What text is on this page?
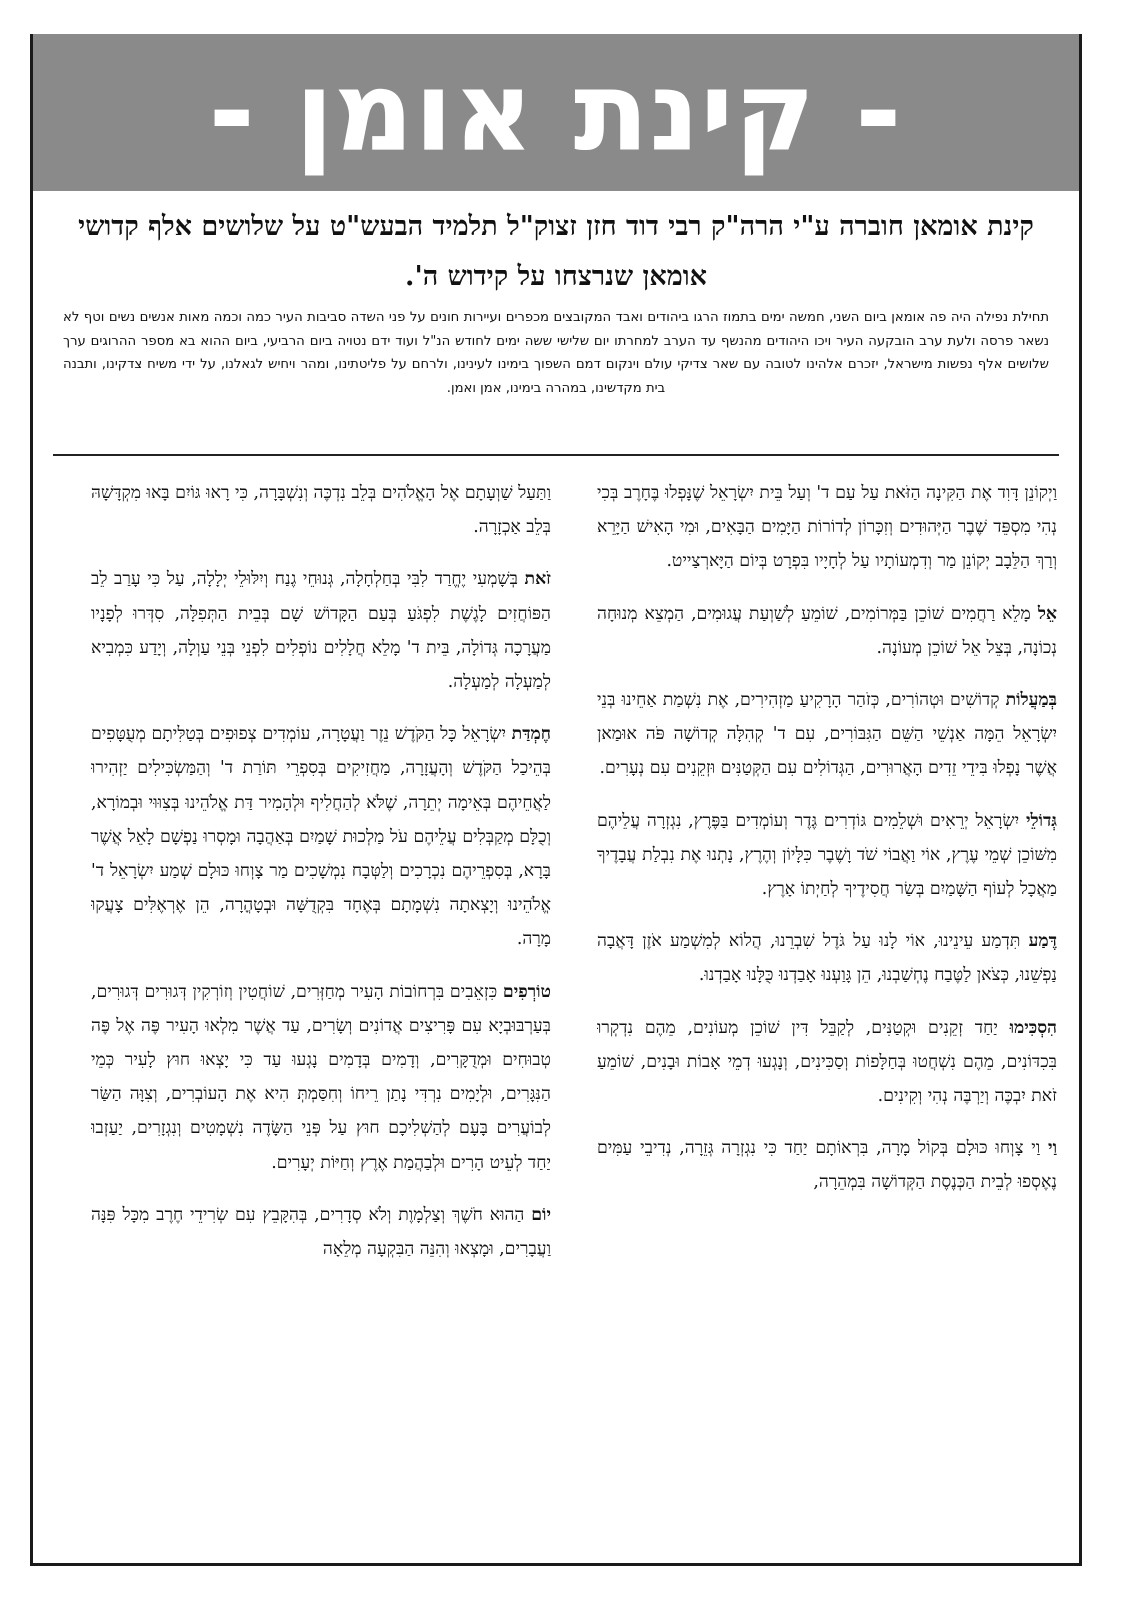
- קינת אומן -
קינת אומאן חוברה ע"י הרה"ק רבי דוד חזן זצוק"ל תלמיד הבעש"ט על שלושים אלף קדושי אומאן שנרצחו על קידוש ה'.
תחילת נפילה היה פה אומאן ביום השני, חמשה ימים בתמוז הרגו ביהודים ואבד המקובצים מכפרים ועיירות חונים על פני השדה סביבות העיר כמה וכמה מאות אנשים נשים וטף לא נשאר פרסה ולעת ערב הובקעה העיר ויכו היהודים מהנשף עד הערב למחרתו יום שלישי ששה ימים לחודש הנ"ל ועוד ידם נטויה ביום הרביעי, ביום ההוא בא מספר ההרוגים ערך שלושים אלף נפשות מישראל, יזכרם אלהינו לטובה עם שאר צדיקי עולם וינקום דמם השפוך בימינו לעינינו, ולרחם על פליטתינו, ומהר ויחיש לגאלנו, על ידי משיח צדקינו, ותבנה בית מקדשינו, במהרה בימינו, אמן ואמן.

וַיְקוֹנֵן דָּוִד אֶת הַקִּינָה הַזֹּאת עַל עַם ד' וְעַל בֵּית יִשְׂרָאֵל שֶׁנָּפְלוּ בֶּחָרֶב בְּכִי נְהִי מִסְפֵּד שֶׁבֶר הַיְּהוּדִים וְזִכָּרוֹן לְדוֹרוֹת הַיָּמִים הַבָּאִים, וּמִי הָאִישׁ הַיָּרֵא וְרַךְ הַלֵּבָב יְקוֹנֵן מַר וְדִמְעוֹתָיו עַל לְחָיָיו בִּפְרָט בְּיוֹם הַיָּארְצַייט.

אֵל מָלֵא רַחֲמִים שׁוֹכֵן בַּמְּרוֹמִים, שׁוֹמֵעַ לְשַׁוְעַת עֲגוּמִים, הַמְצֵא מְנוּחָה נְכוֹנָה, בְּצֵל אֵל שׁוֹכֵן מְעוֹנָה.

בְּמַעֲלוֹת קְדוֹשִׁים וּטְהוֹרִים, כְּזֹהַר הָרָקִיעַ מַזְהִירִים, אֶת נִשְׁמַת אַחֵינוּ בְּנֵי יִשְׂרָאֵל הֵמָּה אַנְשֵׁי הַשֵּׁם הַגִּבּוֹרִים, עִם ד' קְהִלָּה קְדוֹשָׁה פֹּה אוּמַאן אֲשֶׁר נָפְלוּ בִּידֵי זֵדִים הָאֲרוּרִים, הַגְּדוֹלִים עִם הַקְּטַנִּים וּזְקֵנִים עִם נְעָרִים.

גְּדוֹלֵי יִשְׂרָאֵל יְרֵאִים וּשְׁלֵמִים גּוֹדְרִים גֶּדֶר וְעוֹמְדִים בַּפֶּרֶץ, נִגְזְרָה עֲלֵיהֶם מִשּׁוֹכֵן שְׁמֵי עֶרֶץ, אוֹי וַאֲבוֹי שֹׁד וָשֶׁבֶר כִּלָּיוֹן וְהֶרֶץ, נָתְנוּ אֶת נִבְלַת עֲבָדֶיךָ מַאֲכָל לְעוֹף הַשָּׁמַיִם בְּשַׂר חֲסִידֶיךָ לְחַיְתוֹ אָרֶץ.

דֶּמַע תִּדְמַע עֵינֵינוּ, אוֹי לָנוּ עַל גֹּדֶל שִׁבְרֵנוּ, הֲלוֹא לְמִשְׁמַע אֹזֶן דָּאֲבָה נַפְשֵׁנוּ, כְּצֹאן לַטֶּבַח נֶחְשַׁבְנוּ, הֵן גָּוַעְנוּ אָבַדְנוּ כֻּלָּנוּ אָבַדְנוּ.

הִסְכִּימוּ יַחַד זְקֵנִים וּקְטַנִּים, לְקַבֵּל דִּין שׁוֹכֵן מְעוֹנִים, מֵהֶם נִדְקְרוּ בִּכִדּוֹנִים, מֵהֶם נִשְׁחֲטוּ בְּחַלָּפוֹת וְסַכִּינִים, וְנָגְעוּ דְמֵי אָבוֹת וּבָנִים, שׁוֹמֵעַ זֹאת יִבְכֶּה וְיַרְבֶּה נְהִי וְקִינִים.

וַי וַי צָוְחוּ כּוּלָם בְּקוֹל מָרָה, בִּרְאוֹתָם יַחַד כִּי נִגְזְרָה גְּזֵרָה, נְדִיבֵי עַמִּים נֶאֶסְפוּ לְבֵית הַכְּנֶסֶת הַקְּדוֹשָׁה בִּמְהֵרָה,

וַתַּעַל שַׁוְעָתָם אֶל הָאֱלֹהִים בְּלֵב נִדְכֶּה וְנִשְׁבָּרָה, כִּי רָאוּ גּוֹיִם בָּאוּ מִקְדָּשָׁהּ בְּלֵב אַכְזָרָה.

זֹאת בְּשָׁמְעִי יֶחֱרַד לִבִּי בְּחַלְחָלָה, גְּנוּחֵי גֶנַח וְיִלּוּלֵי יְלָלָה, עַל כִּי עָרַב לֵב הַפּוֹחֲזִים לָגֶשֶׁת לִפְגֹּעַ בְּעַם הַקָּדוֹשׁ שָׁם בְּבֵית הַתְּפִלָּה, סִדְּרוּ לְפָנָיו מַעֲרָכָה גְּדוֹלָה, בֵּית ד' מָלֵא חֲלָלִים נוֹפְלִים לִפְנֵי בְּנֵי עַוְלָה, וְיָדַע כִּמְבִיא לְמַעְלָה לְמַעְלָה.

חֶמְדַּת יִשְׂרָאֵל כָּל הַקֹּדֶשׁ נֵזֶר וַעֲטָרָה, עוֹמְדִים צְפוּפִים בְּטַלִּיתָם מְעֻטָּפִים בְּהֵיכַל הַקֹּדֶשׁ וְהָעֲזָרָה, מַחֲזִיקִים בְּסִפְרֵי תּוֹרַת ד' וְהַמַּשְׂכִּילִים יַזְהִירוּ לַאֲחֵיהֶם בְּאֵימָה יְתֵרָה, שֶׁלֹּא לְהַחֲלִיף וּלְהָמִיר דַּת אֱלֹהֵינוּ בְּצִוּוּי וּבְמוֹרָא, וְכֻלָּם מְקַבְּלִים עֲלֵיהֶם עֹל מַלְכוּת שָׁמַיִם בְּאַהֲבָה וּמָסְרוּ נַפְשָׁם לָאֵל אֲשֶׁר בָּרָא, בְּסִפְרֵיהֶם נִכְרָכִים וְלַטְּבָח נִמְשָׁכִים מַר צָוְחוּ כּוּלָם שְׁמַע יִשְׂרָאֵל ד' אֱלֹהֵינוּ וְיָצְאתָה נִשְׁמָתָם בְּאֶחָד בִּקְדֻשָּׁה וּבְטָהֳרָה, הֵן אֶרְאֶלִּים צָעֲקוּ מָרָה.

טוֹרְפִים כִּזְאֵבִים בִּרְחוֹבוֹת הָעִיר מְחַזְּרִים, שׁוֹחֲטִין וְזוֹרְקִין דְּגוּרִים דְּגוּרִים, בְּעַרְבּוּבְיָא עִם פָּרִיצִים אֲדוֹנִים וְשָׂרִים, עַד אֲשֶׁר מִלְאוּ הָעִיר פֶּה אֶל פֶּה טְבוּחִים וּמְדֻקָּרִים, וְדָמִים בְּדָמִים נָגְעוּ עַד כִּי יָצְאוּ חוּץ לָעִיר כְּמֵי הַנִּגָּרִים, וּלְיָמִים נִרְדִּי נָתַן רֵיחוֹ וְחִסַּמְתְּ הִיא אֶת הָעוֹבְרִים, וְצִוָּה הַשַּׂר לְבוֹעֲרִים בָּעָם לְהַשְׁלִיכָם חוּץ עַל פְּנֵי הַשָּׂדֶה נִשְׁמָטִים וְנִגְזָרִים, יַעַזְבוּ יַחַד לְעֵיט הָרִים וּלְבַהֲמַת אֶרֶץ וְחַיּוֹת יְעָרִים.

יוֹם הַהוּא חֹשֶׁךְ וְצַלְמָוֶת וְלֹא סְדָרִים, בְּהִקָּבֵץ עִם שְׂרִידֵי חֶרֶב מִכָּל פִּנָּה וַעֲבָרִים, וּמָצְאוּ וְהִנֵּה הַבִּקְעָה מְלֵאָה
